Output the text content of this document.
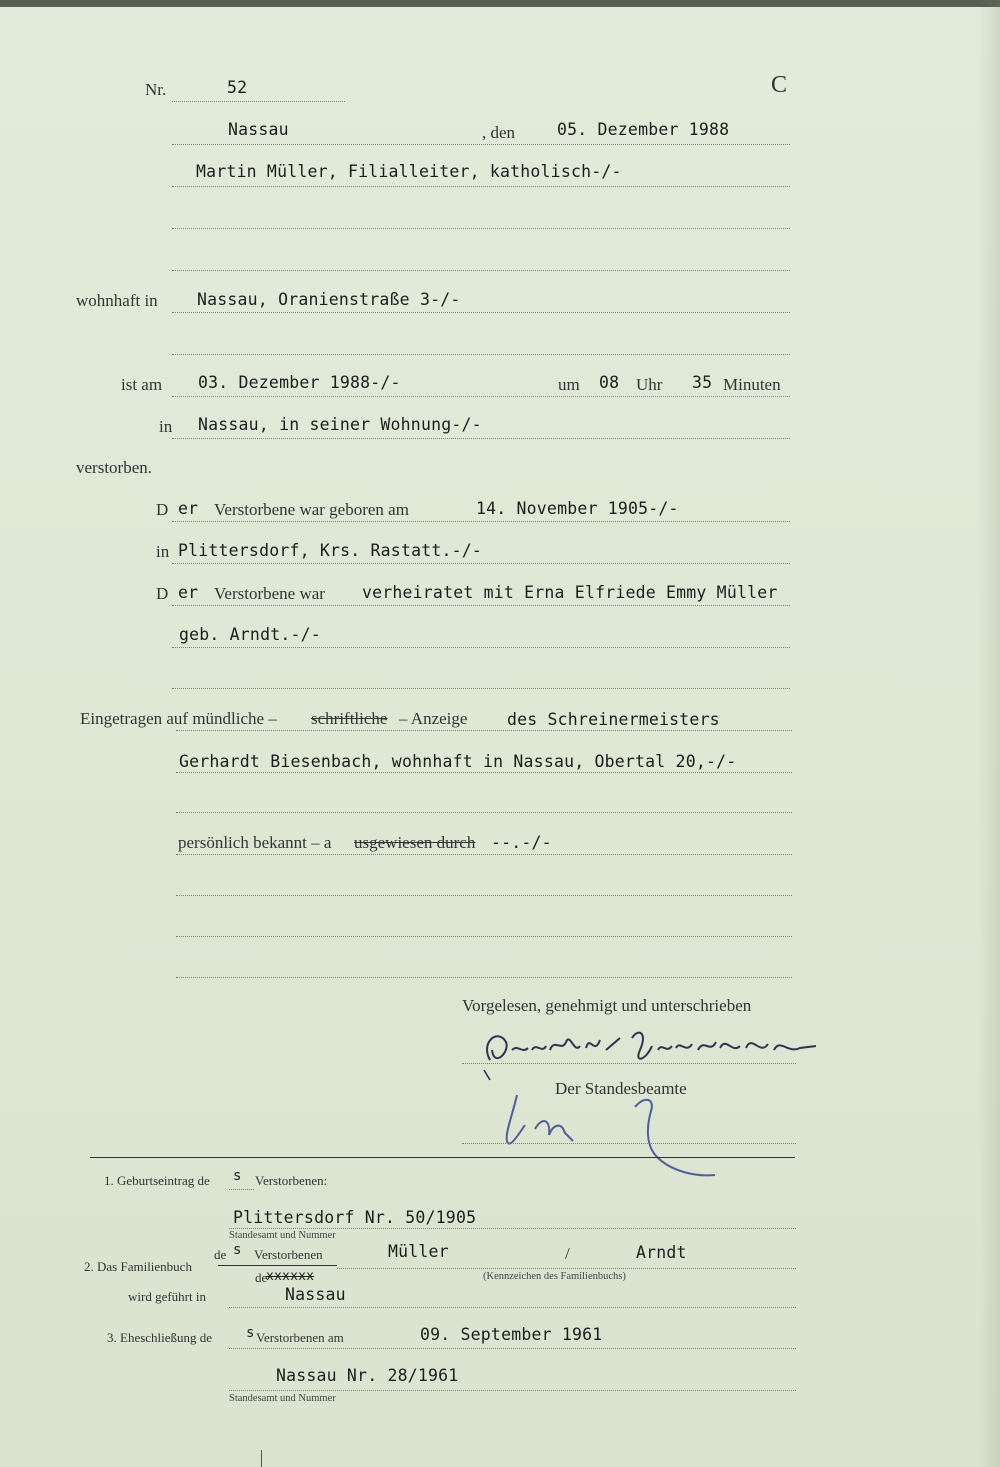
Nr.	52	C
Nassau	, den	05. Dezember 1988
Martin Müller, Filialleiter, katholisch-/-
wohnhaft in Nassau, Oranienstraße 3-/-
ist am 03. Dezember 1988-/-	um 08 Uhr 35 Minuten
in Nassau, in seiner Wohnung-/-
verstorben.
D er Verstorbene war geboren am	14. November 1905-/-
in Plittersdorf, Krs. Rastatt.-/-
D er Verstorbene war verheiratet mit Erna Elfriede Emmy Müller
geb. Arndt.-/-
Eingetragen auf mündliche – schriftliche – Anzeige des Schreinermeisters
Gerhardt Biesenbach, wohnhaft in Nassau, Obertal 20,-/-
persönlich bekannt – a usgewiesen durch --.-/-
Vorgelesen, genehmigt und unterschrieben
Der Standesbeamte
1. Geburtseintrag de s Verstorbenen:
Plittersdorf Nr. 50/1905
Standesamt und Nummer
de s Verstorbenen	Müller	/	Arndt
2. Das Familienbuch
de
xxxxxx	(Kennzeichen des Familienbuchs)
wird geführt in	Nassau
3. Eheschließung de s Verstorbenen am	09. September 1961
Nassau Nr. 28/1961
Standesamt und Nummer
